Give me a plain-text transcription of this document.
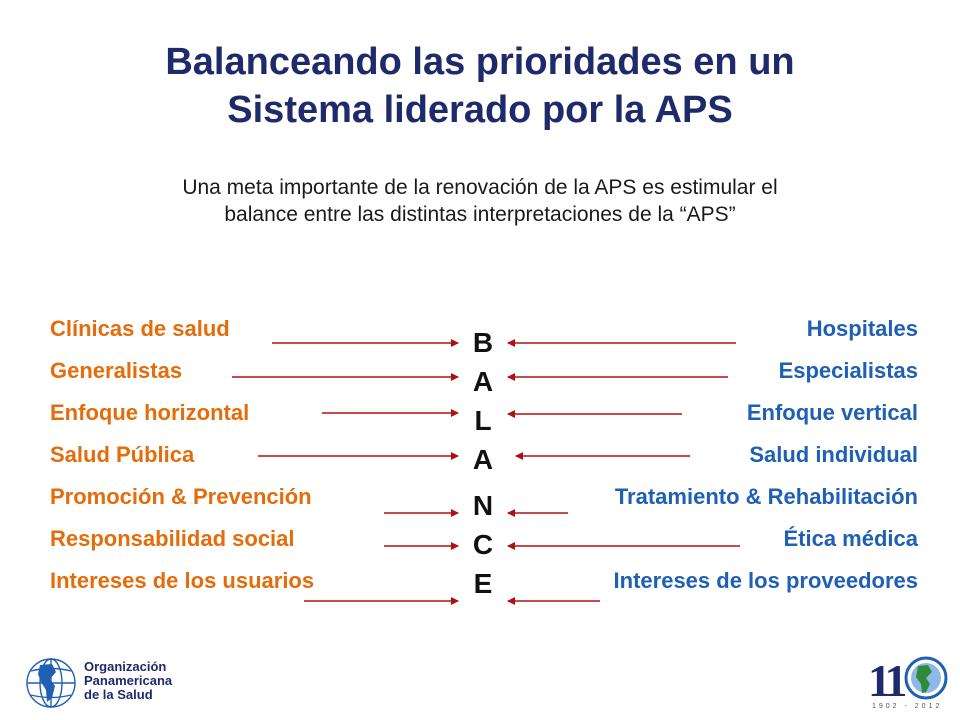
Balanceando las prioridades en un
Sistema liderado por la APS
Una meta importante de la renovación de la APS es estimular el
balance entre las distintas interpretaciones de la “APS”
Clínicas de salud
Generalistas
Enfoque horizontal
Salud Pública
Promoción & Prevención
Responsabilidad social
Intereses de los usuarios
Hospitales
Especialistas
Enfoque vertical
Salud individual
Tratamiento & Rehabilitación
Ética médica
Intereses de los proveedores
B
A
L
A
N
C
E
Organización
Panamericana
de la Salud	11
1902 - 2012
